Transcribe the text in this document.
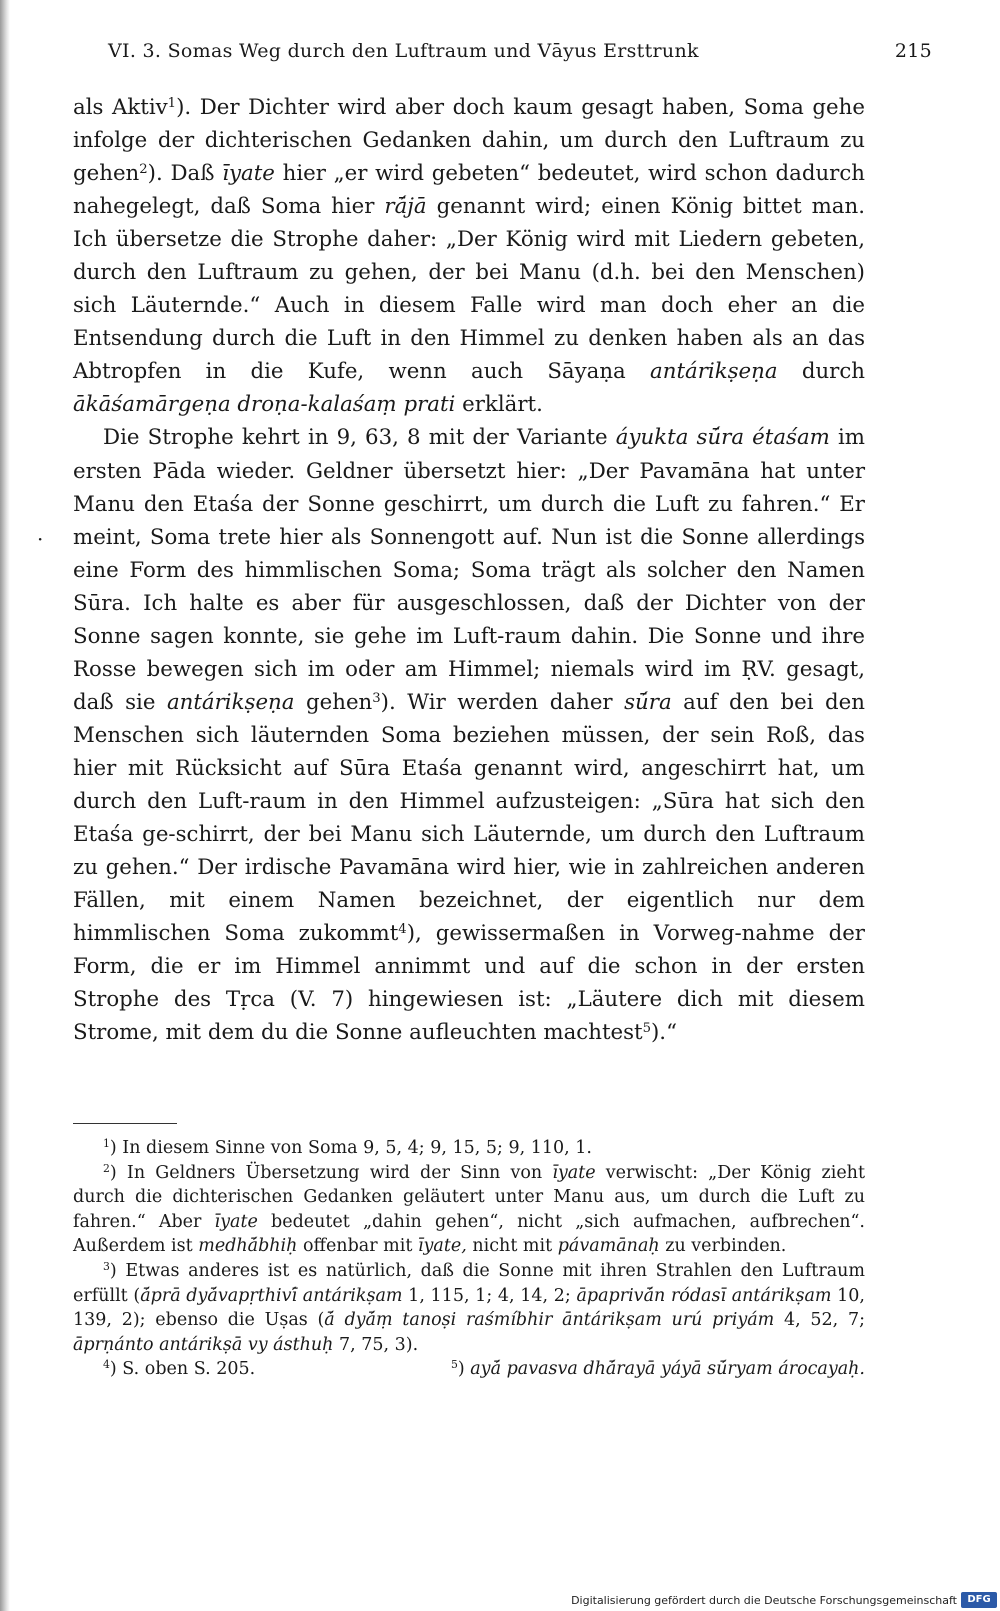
VI. 3. Somas Weg durch den Luftraum und Vāyus Ersttrunk	215
·

als Aktiv$^1$). Der Dichter wird aber doch kaum gesagt haben, Soma gehe infolge der dichterischen Gedanken dahin, um durch den Luftraum zu gehen$^2$). Daß īyate hier „er wird gebeten“ bedeutet, wird schon dadurch nahegelegt, daß Soma hier rā́jā genannt wird; einen König bittet man. Ich übersetze die Strophe daher: „Der König wird mit Liedern gebeten, durch den Luftraum zu gehen, der bei Manu (d.h. bei den Menschen) sich Läuternde.“ Auch in diesem Falle wird man doch eher an die Entsendung durch die Luft in den Himmel zu denken haben als an das Abtropfen in die Kufe, wenn auch Sāyaṇa antárikṣeṇa durch ākāśamārgeṇa droṇa-kalaśaṃ prati erklärt.

Die Strophe kehrt in 9, 63, 8 mit der Variante áyukta sū́ra étaśam im ersten Pāda wieder. Geldner übersetzt hier: „Der Pavamāna hat unter Manu den Etaśa der Sonne geschirrt, um durch die Luft zu fahren.“ Er meint, Soma trete hier als Sonnengott auf. Nun ist die Sonne allerdings eine Form des himmlischen Soma; Soma trägt als solcher den Namen Sūra. Ich halte es aber für ausgeschlossen, daß der Dichter von der Sonne sagen konnte, sie gehe im Luft-raum dahin. Die Sonne und ihre Rosse bewegen sich im oder am Himmel; niemals wird im ṚV. gesagt, daß sie antárikṣeṇa gehen$^3$). Wir werden daher sū́ra auf den bei den Menschen sich läuternden Soma beziehen müssen, der sein Roß, das hier mit Rücksicht auf Sūra Etaśa genannt wird, angeschirrt hat, um durch den Luft-raum in den Himmel aufzusteigen: „Sūra hat sich den Etaśa ge-schirrt, der bei Manu sich Läuternde, um durch den Luftraum zu gehen.“ Der irdische Pavamāna wird hier, wie in zahlreichen anderen Fällen, mit einem Namen bezeichnet, der eigentlich nur dem himmlischen Soma zukommt$^4$), gewissermaßen in Vorweg-nahme der Form, die er im Himmel annimmt und auf die schon in der ersten Strophe des Tṛca (V. 7) hingewiesen ist: „Läutere dich mit diesem Strome, mit dem du die Sonne aufleuchten machtest$^5$).“

$^1$) In diesem Sinne von Soma 9, 5, 4; 9, 15, 5; 9, 110, 1.

$^2$) In Geldners Übersetzung wird der Sinn von īyate verwischt: „Der König zieht durch die dichterischen Gedanken geläutert unter Manu aus, um durch die Luft zu fahren.“ Aber īyate bedeutet „dahin gehen“, nicht „sich aufmachen, aufbrechen“. Außerdem ist medhā́bhiḥ offenbar mit īyate, nicht mit pávamānaḥ zu verbinden.

$^3$) Etwas anderes ist es natürlich, daß die Sonne mit ihren Strahlen den Luftraum erfüllt (ā́prā dyā́vapṛthivī́ antárikṣam 1, 115, 1; 4, 14, 2; āpaprivā́n ródasī antárikṣam 10, 139, 2); ebenso die Uṣas (ā́ dyā́ṃ tanoṣi raśmíbhir āntárikṣam urú priyám 4, 52, 7; āprṇánto antárikṣā vy ásthuḥ 7, 75, 3).

$^4$) S. oben S. 205.	$^5$) ayā́ pavasva dhā́rayā yáyā sū́ryam árocayaḥ.
Digitalisierung gefördert durch die Deutsche Forschungsgemeinschaft	DFG
